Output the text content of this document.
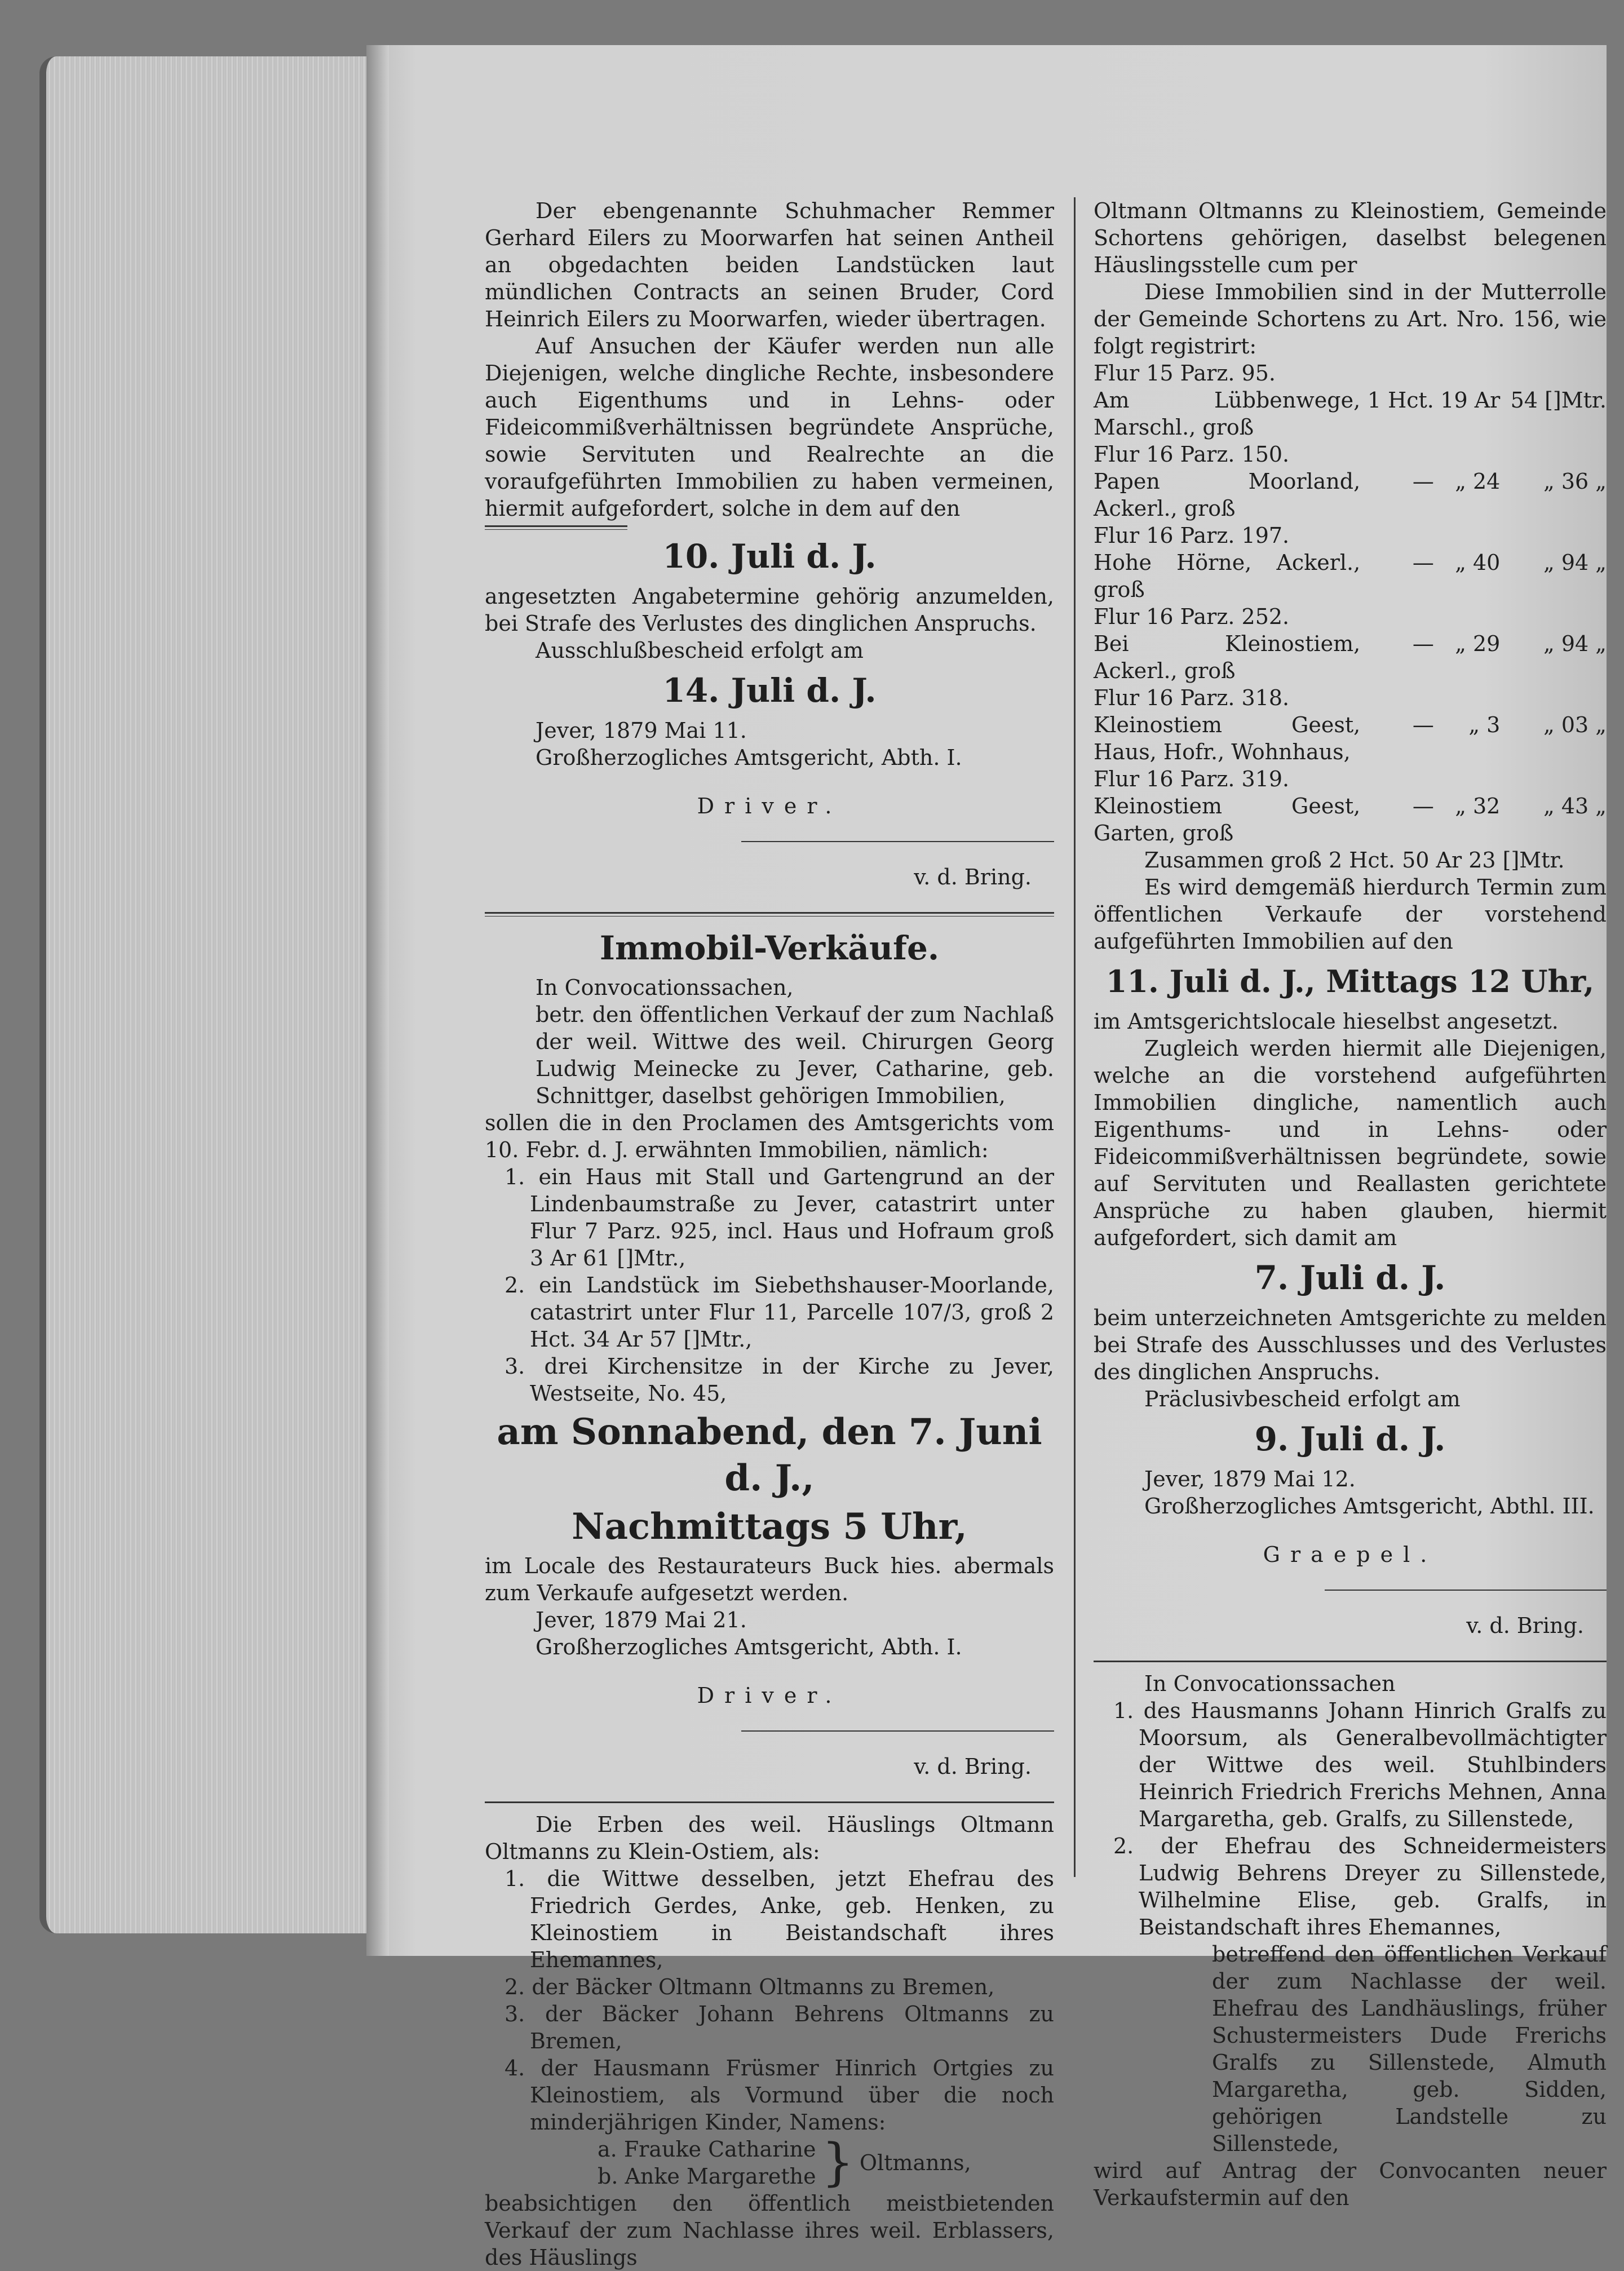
Der ebengenannte Schuhmacher Remmer Gerhard Eilers zu Moorwarfen hat seinen Antheil an obgedachten beiden Landstücken laut mündlichen Contracts an seinen Bruder, Cord Heinrich Eilers zu Moorwarfen, wieder übertragen.

Auf Ansuchen der Käufer werden nun alle Diejenigen, welche dingliche Rechte, insbesondere auch Eigenthums und in Lehns- oder Fideicommißverhältnissen begründete Ansprüche, sowie Servituten und Realrechte an die voraufgeführten Immobilien zu haben vermeinen, hiermit aufgefordert, solche in dem auf den

10. Juli d. J.

angesetzten Angabetermine gehörig anzumelden, bei Strafe des Verlustes des dinglichen Anspruchs.

Ausschlußbescheid erfolgt am

14. Juli d. J.

Jever, 1879 Mai 11.

Großherzogliches Amtsgericht, Abth. I.

Driver.

v. d. Bring.

Immobil-Verkäufe.

In Convocationssachen,

betr. den öffentlichen Verkauf der zum Nachlaß der weil. Wittwe des weil. Chirurgen Georg Ludwig Meinecke zu Jever, Catharine, geb. Schnittger, daselbst gehörigen Immobilien,

sollen die in den Proclamen des Amtsgerichts vom 10. Febr. d. J. erwähnten Immobilien, nämlich:

1. ein Haus mit Stall und Gartengrund an der Lindenbaumstraße zu Jever, catastrirt unter Flur 7 Parz. 925, incl. Haus und Hofraum groß 3 Ar 61 []Mtr.,

2. ein Landstück im Siebethshauser-Moorlande, catastrirt unter Flur 11, Parcelle 107/3, groß 2 Hct. 34 Ar 57 []Mtr.,

3. drei Kirchensitze in der Kirche zu Jever, Westseite, No. 45,

am Sonnabend, den 7. Juni d. J.,

Nachmittags 5 Uhr,

im Locale des Restaurateurs Buck hies. abermals zum Verkaufe aufgesetzt werden.

Jever, 1879 Mai 21.

Großherzogliches Amtsgericht, Abth. I.

Driver.

v. d. Bring.

Die Erben des weil. Häuslings Oltmann Oltmanns zu Klein-Ostiem, als:

1. die Wittwe desselben, jetzt Ehefrau des Friedrich Gerdes, Anke, geb. Henken, zu Kleinostiem in Beistandschaft ihres Ehemannes,

2. der Bäcker Oltmann Oltmanns zu Bremen,

3. der Bäcker Johann Behrens Oltmanns zu Bremen,

4. der Hausmann Früsmer Hinrich Ortgies zu Kleinostiem, als Vormund über die noch minderjährigen Kinder, Namens:

a. Frauke Catharine
b. Anke Margarethe } Oltmanns,

beabsichtigen den öffentlich meistbietenden Verkauf der zum Nachlasse ihres weil. Erblassers, des Häuslings

Oltmann Oltmanns zu Kleinostiem, Gemeinde Schortens gehörigen, daselbst belegenen Häuslingsstelle cum per

Diese Immobilien sind in der Mutterrolle der Gemeinde Schortens zu Art. Nro. 156, wie folgt registrirt:

Flur 15 Parz. 95.			
Am Lübbenwege, Marschl., groß	1 Hct.	19 Ar	54 []Mtr.
Flur 16 Parz. 150.			
Papen Moorland, Ackerl., groß	—	„ 24	„ 36 „
Flur 16 Parz. 197.			
Hohe Hörne, Ackerl., groß	—	„ 40	„ 94 „
Flur 16 Parz. 252.			
Bei Kleinostiem, Ackerl., groß	—	„ 29	„ 94 „
Flur 16 Parz. 318.			
Kleinostiem Geest, Haus, Hofr., Wohnhaus,	—	„ 3	„ 03 „
Flur 16 Parz. 319.			
Kleinostiem Geest, Garten, groß	—	„ 32	„ 43 „

Zusammen groß 2 Hct. 50 Ar 23 []Mtr.

Es wird demgemäß hierdurch Termin zum öffentlichen Verkaufe der vorstehend aufgeführten Immobilien auf den

11. Juli d. J., Mittags 12 Uhr,

im Amtsgerichtslocale hieselbst angesetzt.

Zugleich werden hiermit alle Diejenigen, welche an die vorstehend aufgeführten Immobilien dingliche, namentlich auch Eigenthums- und in Lehns- oder Fideicommißverhältnissen begründete, sowie auf Servituten und Reallasten gerichtete Ansprüche zu haben glauben, hiermit aufgefordert, sich damit am

7. Juli d. J.

beim unterzeichneten Amtsgerichte zu melden bei Strafe des Ausschlusses und des Verlustes des dinglichen Anspruchs.

Präclusivbescheid erfolgt am

9. Juli d. J.

Jever, 1879 Mai 12.

Großherzogliches Amtsgericht, Abthl. III.

Graepel.

v. d. Bring.

In Convocationssachen

1. des Hausmanns Johann Hinrich Gralfs zu Moorsum, als Generalbevollmächtigter der Wittwe des weil. Stuhlbinders Heinrich Friedrich Frerichs Mehnen, Anna Margaretha, geb. Gralfs, zu Sillenstede,

2. der Ehefrau des Schneidermeisters Ludwig Behrens Dreyer zu Sillenstede, Wilhelmine Elise, geb. Gralfs, in Beistandschaft ihres Ehemannes,

betreffend den öffentlichen Verkauf der zum Nachlasse der weil. Ehefrau des Landhäuslings, früher Schustermeisters Dude Frerichs Gralfs zu Sillenstede, Almuth Margaretha, geb. Sidden, gehörigen Landstelle zu Sillenstede,

wird auf Antrag der Convocanten neuer Verkaufstermin auf den
